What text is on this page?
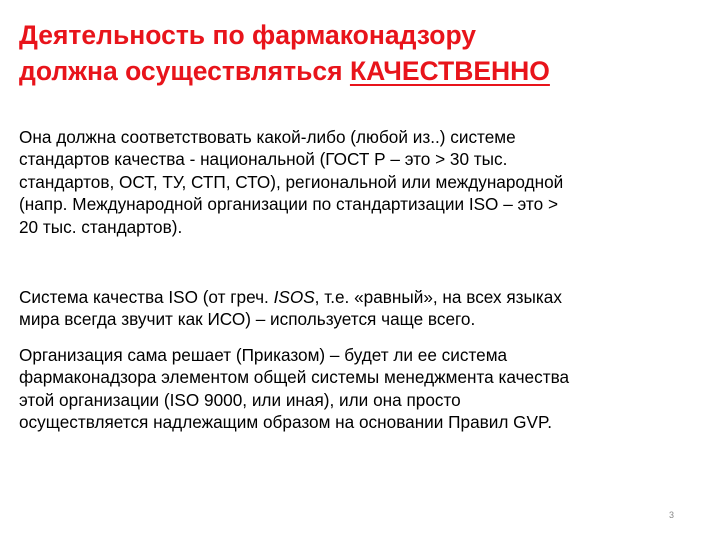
Деятельность по фармаконадзору
должна осуществляться КАЧЕСТВЕННО

Она должна соответствовать какой-либо (любой из..) системе
стандартов качества - национальной (ГОСТ Р – это > 30 тыс.
стандартов, ОСТ, ТУ, СТП, СТО), региональной или международной
(напр. Международной организации по стандартизации ISO – это >
20 тыс. стандартов).

Система качества ISO (от греч. ISOS, т.е. «равный», на всех языках
мира всегда звучит как ИСО) – используется чаще всего.

Организация сама решает (Приказом) – будет ли ее система
фармаконадзора элементом общей системы менеджмента качества
этой организации (ISO 9000, или иная), или она просто
осуществляется надлежащим образом на основании Правил GVP.

3
